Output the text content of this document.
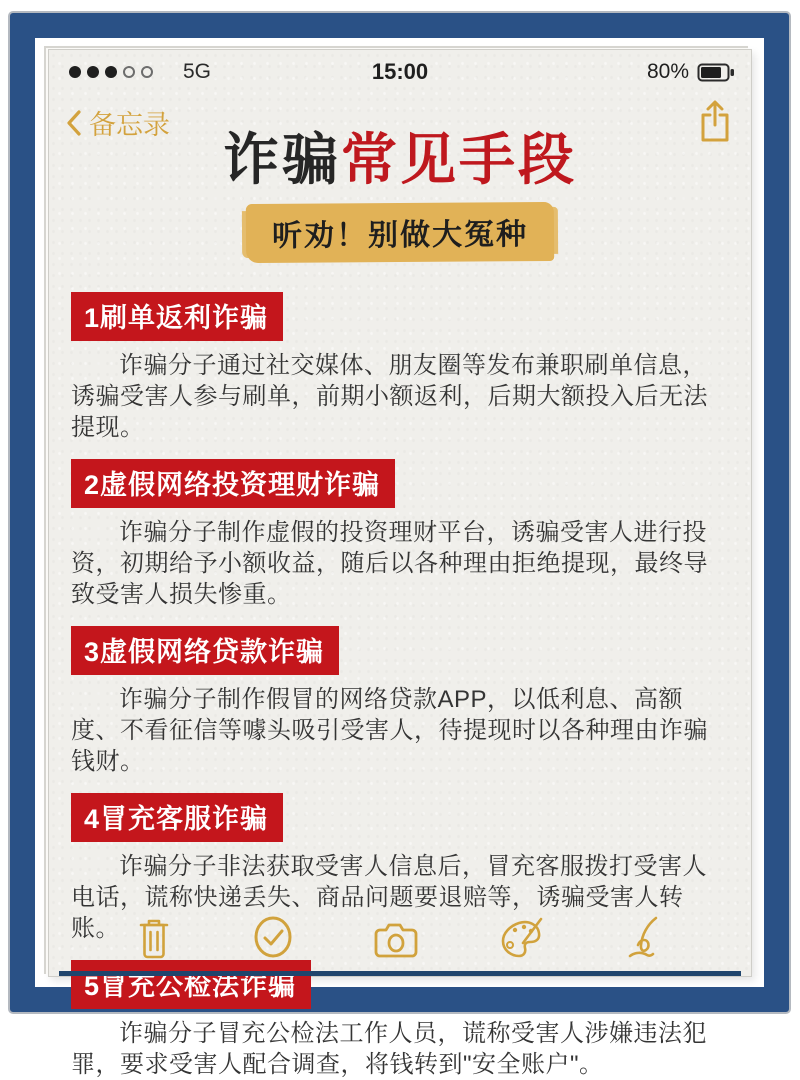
5G	15:00	80%
备忘录
诈骗常见手段
听劝！别做大冤种
1刷单返利诈骗

诈骗分子通过社交媒体、朋友圈等发布兼职刷单信息，诱骗受害人参与刷单，前期小额返利，后期大额投入后无法提现。

2虚假网络投资理财诈骗

诈骗分子制作虚假的投资理财平台，诱骗受害人进行投资，初期给予小额收益，随后以各种理由拒绝提现，最终导致受害人损失惨重。

3虚假网络贷款诈骗

诈骗分子制作假冒的网络贷款APP，以低利息、高额度、不看征信等噱头吸引受害人，待提现时以各种理由诈骗钱财。

4冒充客服诈骗

诈骗分子非法获取受害人信息后，冒充客服拨打受害人电话，谎称快递丢失、商品问题要退赔等，诱骗受害人转账。

5冒充公检法诈骗

诈骗分子冒充公检法工作人员，谎称受害人涉嫌违法犯罪，要求受害人配合调查，将钱转到"安全账户"。
